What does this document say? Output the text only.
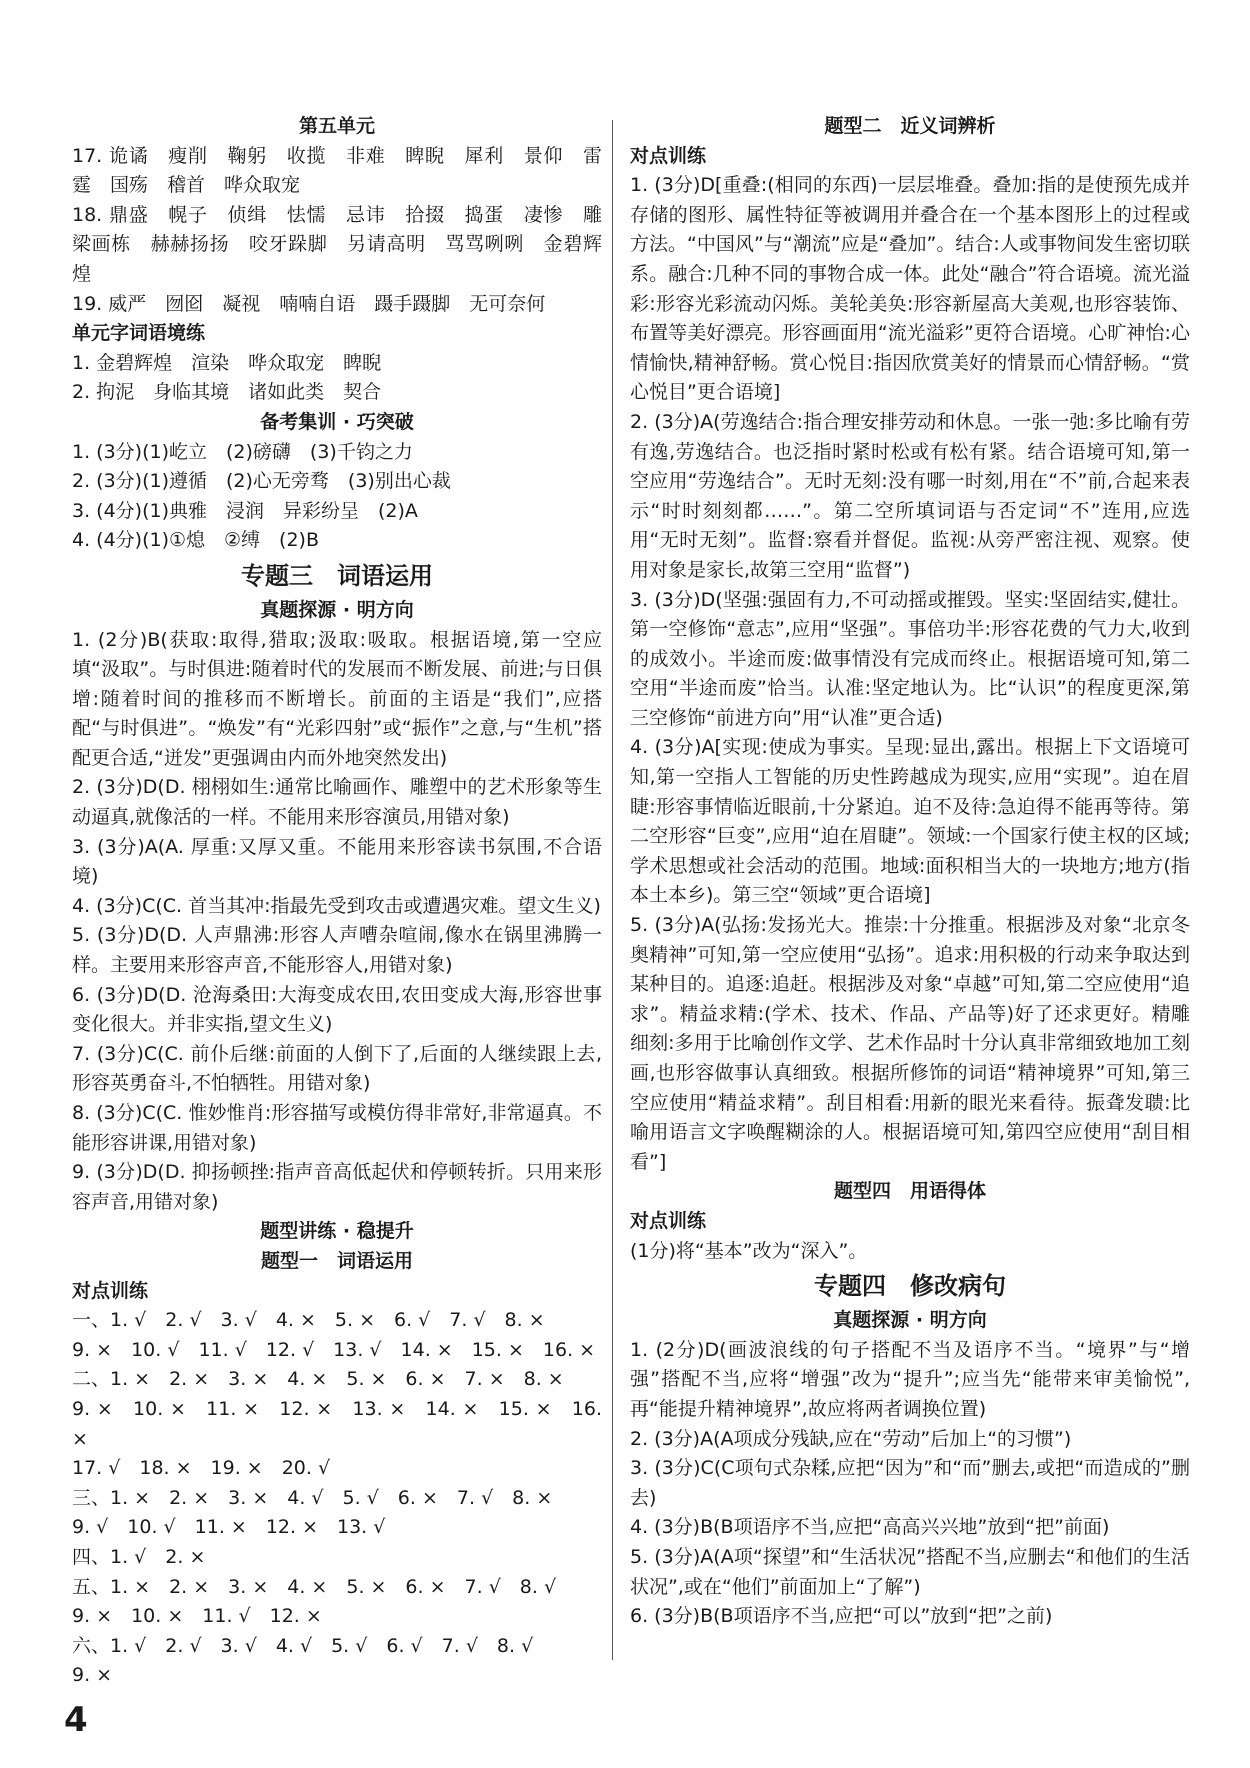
第五单元
17. 诡谲　瘦削　鞠躬　收揽　非难　睥睨　犀利　景仰　雷霆　国殇　稽首　哗众取宠
18. 鼎盛　幌子　侦缉　怯懦　忌讳　拾掇　捣蛋　凄惨　雕梁画栋　赫赫扬扬　咬牙跺脚　另请高明　骂骂咧咧　金碧辉煌
19. 威严　囫囵　凝视　喃喃自语　蹑手蹑脚　无可奈何
单元字词语境练
1. 金碧辉煌　渲染　哗众取宠　睥睨
2. 拘泥　身临其境　诸如此类　契合
备考集训 · 巧突破
1. (3分)(1)屹立　(2)磅礴　(3)千钧之力
2. (3分)(1)遵循　(2)心无旁骛　(3)别出心裁
3. (4分)(1)典雅　浸润　异彩纷呈　(2)A
4. (4分)(1)①熄　②缚　(2)B
专题三　词语运用
真题探源 · 明方向
1. (2分)B(获取:取得,猎取;汲取:吸取。根据语境,第一空应填“汲取”。与时俱进:随着时代的发展而不断发展、前进;与日俱增:随着时间的推移而不断增长。前面的主语是“我们”,应搭配“与时俱进”。“焕发”有“光彩四射”或“振作”之意,与“生机”搭配更合适,“迸发”更强调由内而外地突然发出)
2. (3分)D(D. 栩栩如生:通常比喻画作、雕塑中的艺术形象等生动逼真,就像活的一样。不能用来形容演员,用错对象)
3. (3分)A(A. 厚重:又厚又重。不能用来形容读书氛围,不合语境)
4. (3分)C(C. 首当其冲:指最先受到攻击或遭遇灾难。望文生义)
5. (3分)D(D. 人声鼎沸:形容人声嘈杂喧闹,像水在锅里沸腾一样。主要用来形容声音,不能形容人,用错对象)
6. (3分)D(D. 沧海桑田:大海变成农田,农田变成大海,形容世事变化很大。并非实指,望文生义)
7. (3分)C(C. 前仆后继:前面的人倒下了,后面的人继续跟上去,形容英勇奋斗,不怕牺牲。用错对象)
8. (3分)C(C. 惟妙惟肖:形容描写或模仿得非常好,非常逼真。不能形容讲课,用错对象)
9. (3分)D(D. 抑扬顿挫:指声音高低起伏和停顿转折。只用来形容声音,用错对象)
题型讲练 · 稳提升
题型一　词语运用
对点训练
一、1. √　2. √　3. √　4. ×　5. ×　6. √　7. √　8. ×
9. ×　10. √　11. √　12. √　13. √　14. ×　15. ×　16. ×
二、1. ×　2. ×　3. ×　4. ×　5. ×　6. ×　7. ×　8. ×
9. ×　10. ×　11. ×　12. ×　13. ×　14. ×　15. ×　16. ×
17. √　18. ×　19. ×　20. √
三、1. ×　2. ×　3. ×　4. √　5. √　6. ×　7. √　8. ×
9. √　10. √　11. ×　12. ×　13. √
四、1. √　2. ×
五、1. ×　2. ×　3. ×　4. ×　5. ×　6. ×　7. √　8. √
9. ×　10. ×　11. √　12. ×
六、1. √　2. √　3. √　4. √　5. √　6. √　7. √　8. √
9. ×
题型二　近义词辨析
对点训练
1. (3分)D[重叠:(相同的东西)一层层堆叠。叠加:指的是使预先成并存储的图形、属性特征等被调用并叠合在一个基本图形上的过程或方法。“中国风”与“潮流”应是“叠加”。结合:人或事物间发生密切联系。融合:几种不同的事物合成一体。此处“融合”符合语境。流光溢彩:形容光彩流动闪烁。美轮美奂:形容新屋高大美观,也形容装饰、布置等美好漂亮。形容画面用“流光溢彩”更符合语境。心旷神怡:心情愉快,精神舒畅。赏心悦目:指因欣赏美好的情景而心情舒畅。“赏心悦目”更合语境]
2. (3分)A(劳逸结合:指合理安排劳动和休息。一张一弛:多比喻有劳有逸,劳逸结合。也泛指时紧时松或有松有紧。结合语境可知,第一空应用“劳逸结合”。无时无刻:没有哪一时刻,用在“不”前,合起来表示“时时刻刻都……”。第二空所填词语与否定词“不”连用,应选用“无时无刻”。监督:察看并督促。监视:从旁严密注视、观察。使用对象是家长,故第三空用“监督”)
3. (3分)D(坚强:强固有力,不可动摇或摧毁。坚实:坚固结实,健壮。第一空修饰“意志”,应用“坚强”。事倍功半:形容花费的气力大,收到的成效小。半途而废:做事情没有完成而终止。根据语境可知,第二空用“半途而废”恰当。认准:坚定地认为。比“认识”的程度更深,第三空修饰“前进方向”用“认准”更合适)
4. (3分)A[实现:使成为事实。呈现:显出,露出。根据上下文语境可知,第一空指人工智能的历史性跨越成为现实,应用“实现”。迫在眉睫:形容事情临近眼前,十分紧迫。迫不及待:急迫得不能再等待。第二空形容“巨变”,应用“迫在眉睫”。领域:一个国家行使主权的区域;学术思想或社会活动的范围。地域:面积相当大的一块地方;地方(指本土本乡)。第三空“领域”更合语境]
5. (3分)A(弘扬:发扬光大。推崇:十分推重。根据涉及对象“北京冬奥精神”可知,第一空应使用“弘扬”。追求:用积极的行动来争取达到某种目的。追逐:追赶。根据涉及对象“卓越”可知,第二空应使用“追求”。精益求精:(学术、技术、作品、产品等)好了还求更好。精雕细刻:多用于比喻创作文学、艺术作品时十分认真非常细致地加工刻画,也形容做事认真细致。根据所修饰的词语“精神境界”可知,第三空应使用“精益求精”。刮目相看:用新的眼光来看待。振聋发聩:比喻用语言文字唤醒糊涂的人。根据语境可知,第四空应使用“刮目相看”]
题型四　用语得体
对点训练
(1分)将“基本”改为“深入”。
专题四　修改病句
真题探源 · 明方向
1. (2分)D(画波浪线的句子搭配不当及语序不当。“境界”与“增强”搭配不当,应将“增强”改为“提升”;应当先“能带来审美愉悦”,再“能提升精神境界”,故应将两者调换位置)
2. (3分)A(A项成分残缺,应在“劳动”后加上“的习惯”)
3. (3分)C(C项句式杂糅,应把“因为”和“而”删去,或把“而造成的”删去)
4. (3分)B(B项语序不当,应把“高高兴兴地”放到“把”前面)
5. (3分)A(A项“探望”和“生活状况”搭配不当,应删去“和他们的生活状况”,或在“他们”前面加上“了解”)
6. (3分)B(B项语序不当,应把“可以”放到“把”之前)
4
